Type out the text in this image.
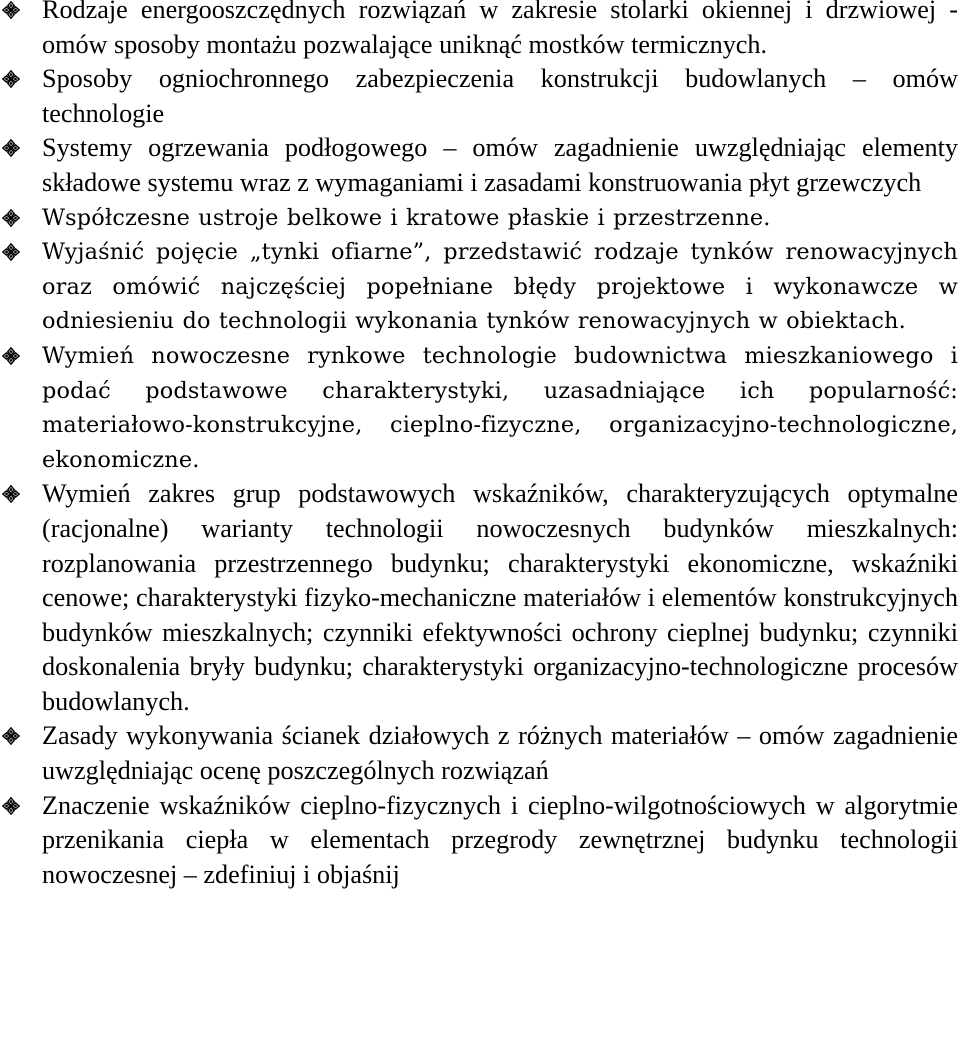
Rodzaje energooszczędnych rozwiązań w zakresie stolarki okiennej i drzwiowej - omów sposoby montażu pozwalające uniknąć mostków termicznych.
Sposoby ogniochronnego zabezpieczenia konstrukcji budowlanych – omów technologie
Systemy ogrzewania podłogowego – omów zagadnienie uwzględniając elementy składowe systemu wraz z wymaganiami i zasadami konstruowania płyt grzewczych
Współczesne ustroje belkowe i kratowe płaskie i przestrzenne.
Wyjaśnić pojęcie „tynki ofiarne”, przedstawić rodzaje tynków renowacyjnych oraz omówić najczęściej popełniane błędy projektowe i wykonawcze w odniesieniu do technologii wykonania tynków renowacyjnych w obiektach.
Wymień nowoczesne rynkowe technologie budownictwa mieszkaniowego i podać podstawowe charakterystyki, uzasadniające ich popularność: materiałowo-konstrukcyjne, cieplno-fizyczne, organizacyjno-technologiczne, ekonomiczne.
Wymień zakres grup podstawowych wskaźników, charakteryzujących optymalne (racjonalne) warianty technologii nowoczesnych budynków mieszkalnych: rozplanowania przestrzennego budynku; charakterystyki ekonomiczne, wskaźniki cenowe; charakterystyki fizyko-mechaniczne materiałów i elementów konstrukcyjnych budynków mieszkalnych; czynniki efektywności ochrony cieplnej budynku; czynniki doskonalenia bryły budynku; charakterystyki organizacyjno-technologiczne procesów budowlanych.
Zasady wykonywania ścianek działowych z różnych materiałów – omów zagadnienie uwzględniając ocenę poszczególnych rozwiązań
Znaczenie wskaźników cieplno-fizycznych i cieplno-wilgotnościowych w algorytmie przenikania ciepła w elementach przegrody zewnętrznej budynku technologii nowoczesnej – zdefiniuj i objaśnij
